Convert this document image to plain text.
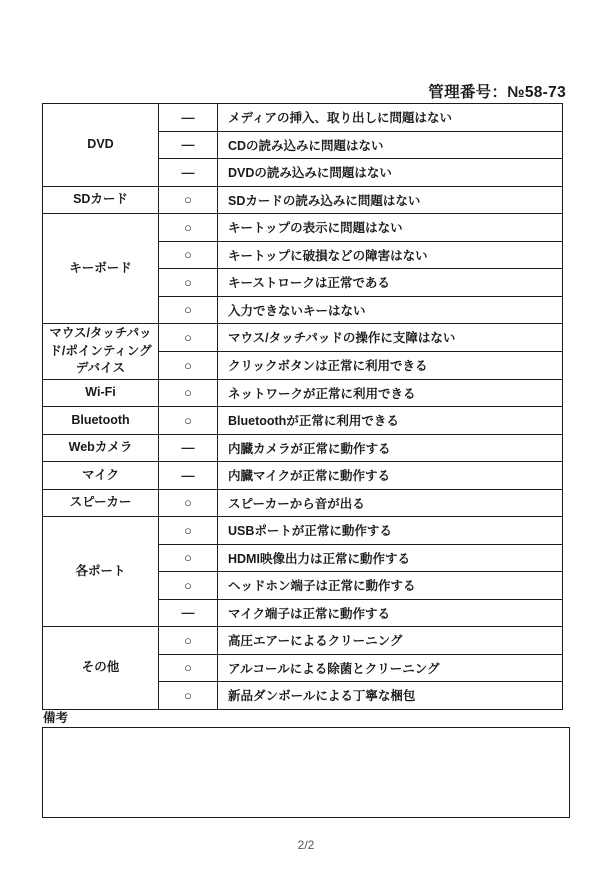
管理番号：№58-73
DVD	—	メディアの挿入、取り出しに問題はない
	—	CDの読み込みに問題はない
	—	DVDの読み込みに問題はない
SDカード	○	SDカードの読み込みに問題はない
キーボード	○	キートップの表示に問題はない
	○	キートップに破損などの障害はない
	○	キーストロークは正常である
	○	入力できないキーはない
マウス/タッチパッド/ポインティングデバイス	○	マウス/タッチパッドの操作に支障はない
	○	クリックボタンは正常に利用できる
Wi-Fi	○	ネットワークが正常に利用できる
Bluetooth	○	Bluetoothが正常に利用できる
Webカメラ	—	内臓カメラが正常に動作する
マイク	—	内臓マイクが正常に動作する
スピーカー	○	スピーカーから音が出る
各ポート	○	USBポートが正常に動作する
	○	HDMI映像出力は正常に動作する
	○	ヘッドホン端子は正常に動作する
	—	マイク端子は正常に動作する
その他	○	高圧エアーによるクリーニング
	○	アルコールによる除菌とクリーニング
	○	新品ダンボールによる丁寧な梱包
備考
2/2
